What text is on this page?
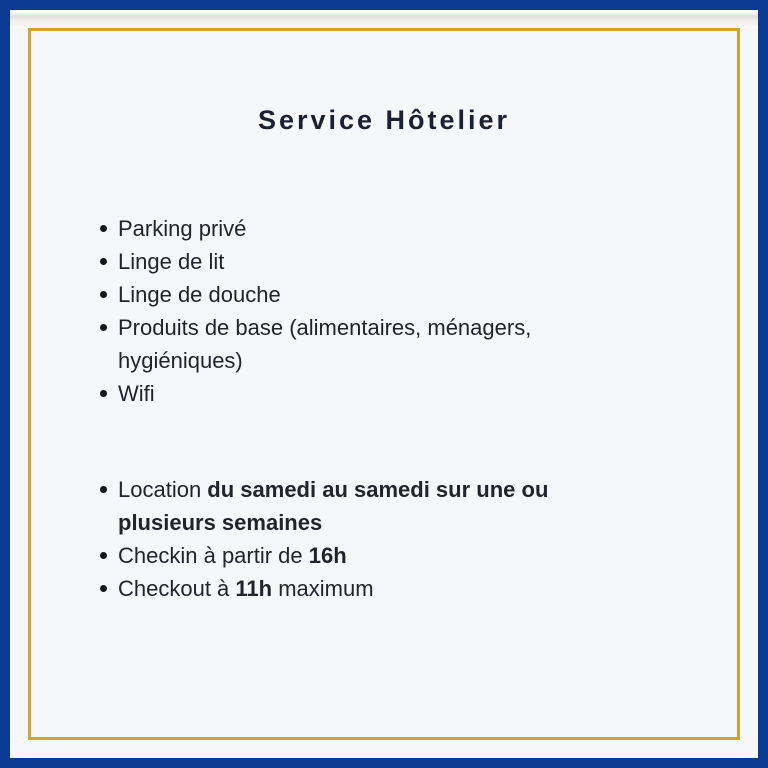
Service Hôtelier
Parking privé
Linge de lit
Linge de douche
Produits de base (alimentaires, ménagers,
hygiéniques)
Wifi
Location du samedi au samedi sur une ou
plusieurs semaines
Checkin à partir de 16h
Checkout à 11h maximum
